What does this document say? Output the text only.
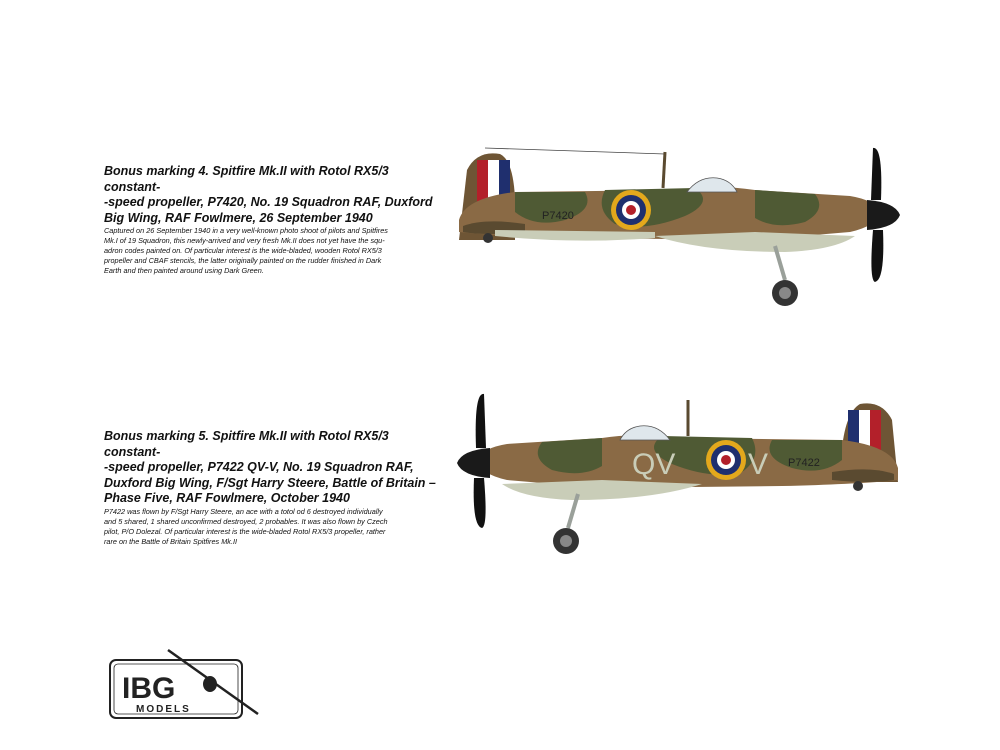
Bonus marking 4. Spitfire Mk.II with Rotol RX5/3 constant-
-speed propeller, P7420, No. 19 Squadron RAF, Duxford
Big Wing, RAF Fowlmere, 26 September 1940

Captured on 26 September 1940 in a very well-known photo shoot of pilots and Spitfires
Mk.I of 19 Squadron, this newly-arrived and very fresh Mk.II does not yet have the squ-
adron codes painted on. Of particular interest is the wide-bladed, wooden Rotol RX5/3
propeller and CBAF stencils, the latter originally painted on the rudder finished in Dark
Earth and then painted around using Dark Green.

Bonus marking 5. Spitfire Mk.II with Rotol RX5/3 constant-
-speed propeller, P7422 QV-V, No. 19 Squadron RAF,
Duxford Big Wing, F/Sgt Harry Steere, Battle of Britain –
Phase Five, RAF Fowlmere, October 1940

P7422 was flown by F/Sgt Harry Steere, an ace with a totol od 6 destroyed individually
and 5 shared, 1 shared unconfirmed destroyed, 2 probables. It was also flown by Czech
pilot, P/O Dolezal. Of particular interest is the wide-bladed Rotol RX5/3 propeller, rather
rare on the Battle of Britain Spitfires Mk.II

P7420
QV V P7422
IBG
MODELS
